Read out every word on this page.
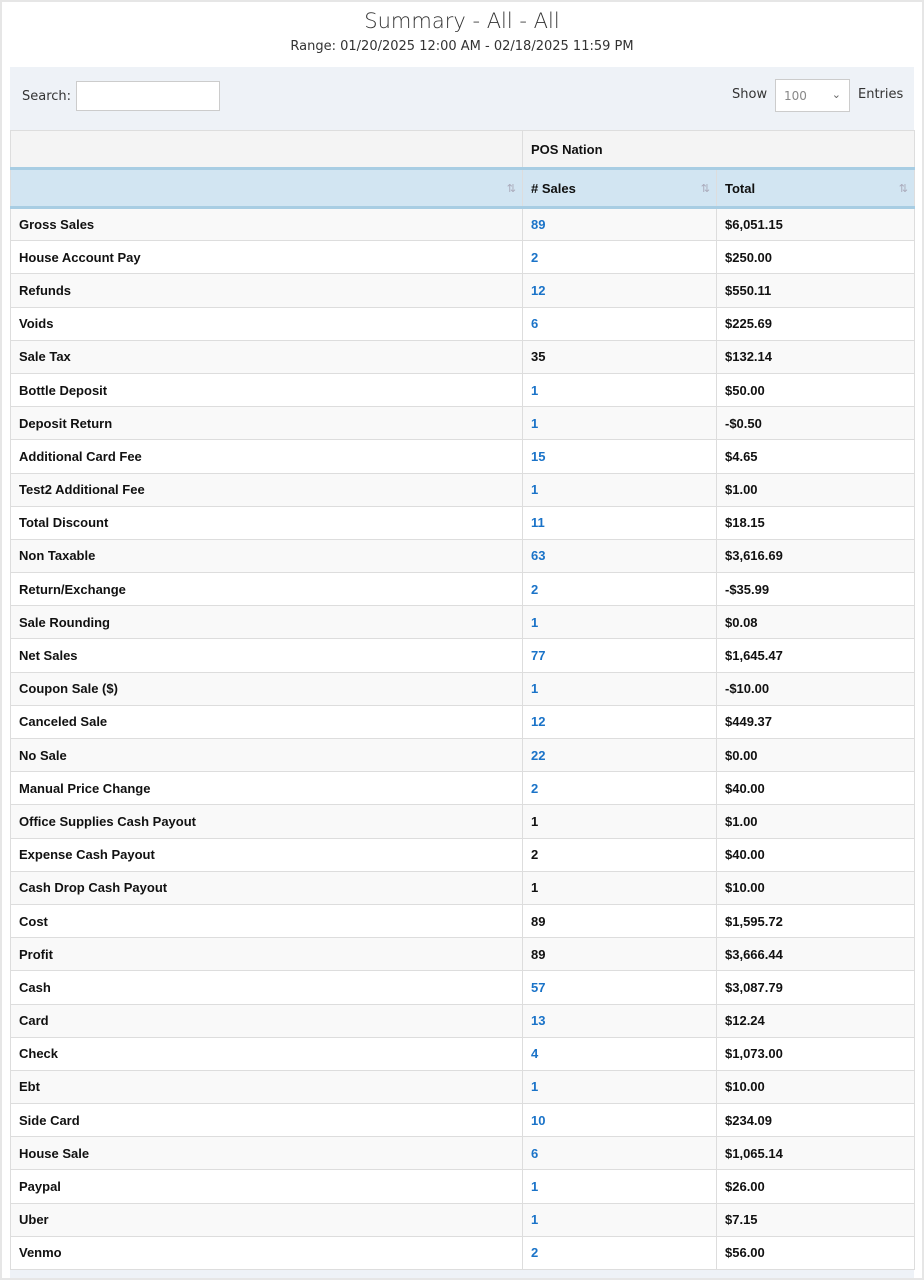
Summary - All - All
Range: 01/20/2025 12:00 AM - 02/18/2025 11:59 PM
Search:	Show	100 ⌄ Entries
	POS Nation	

⇅	# Sales ⇅	Total ⇅

Gross Sales	89	$6,051.15
House Account Pay	2	$250.00
Refunds	12	$550.11
Voids	6	$225.69
Sale Tax	35	$132.14
Bottle Deposit	1	$50.00
Deposit Return	1	-$0.50
Additional Card Fee	15	$4.65
Test2 Additional Fee	1	$1.00
Total Discount	11	$18.15
Non Taxable	63	$3,616.69
Return/Exchange	2	-$35.99
Sale Rounding	1	$0.08
Net Sales	77	$1,645.47
Coupon Sale ($)	1	-$10.00
Canceled Sale	12	$449.37
No Sale	22	$0.00
Manual Price Change	2	$40.00
Office Supplies Cash Payout	1	$1.00
Expense Cash Payout	2	$40.00
Cash Drop Cash Payout	1	$10.00
Cost	89	$1,595.72
Profit	89	$3,666.44
Cash	57	$3,087.79
Card	13	$12.24
Check	4	$1,073.00
Ebt	1	$10.00
Side Card	10	$234.09
House Sale	6	$1,065.14
Paypal	1	$26.00
Uber	1	$7.15
Venmo	2	$56.00
